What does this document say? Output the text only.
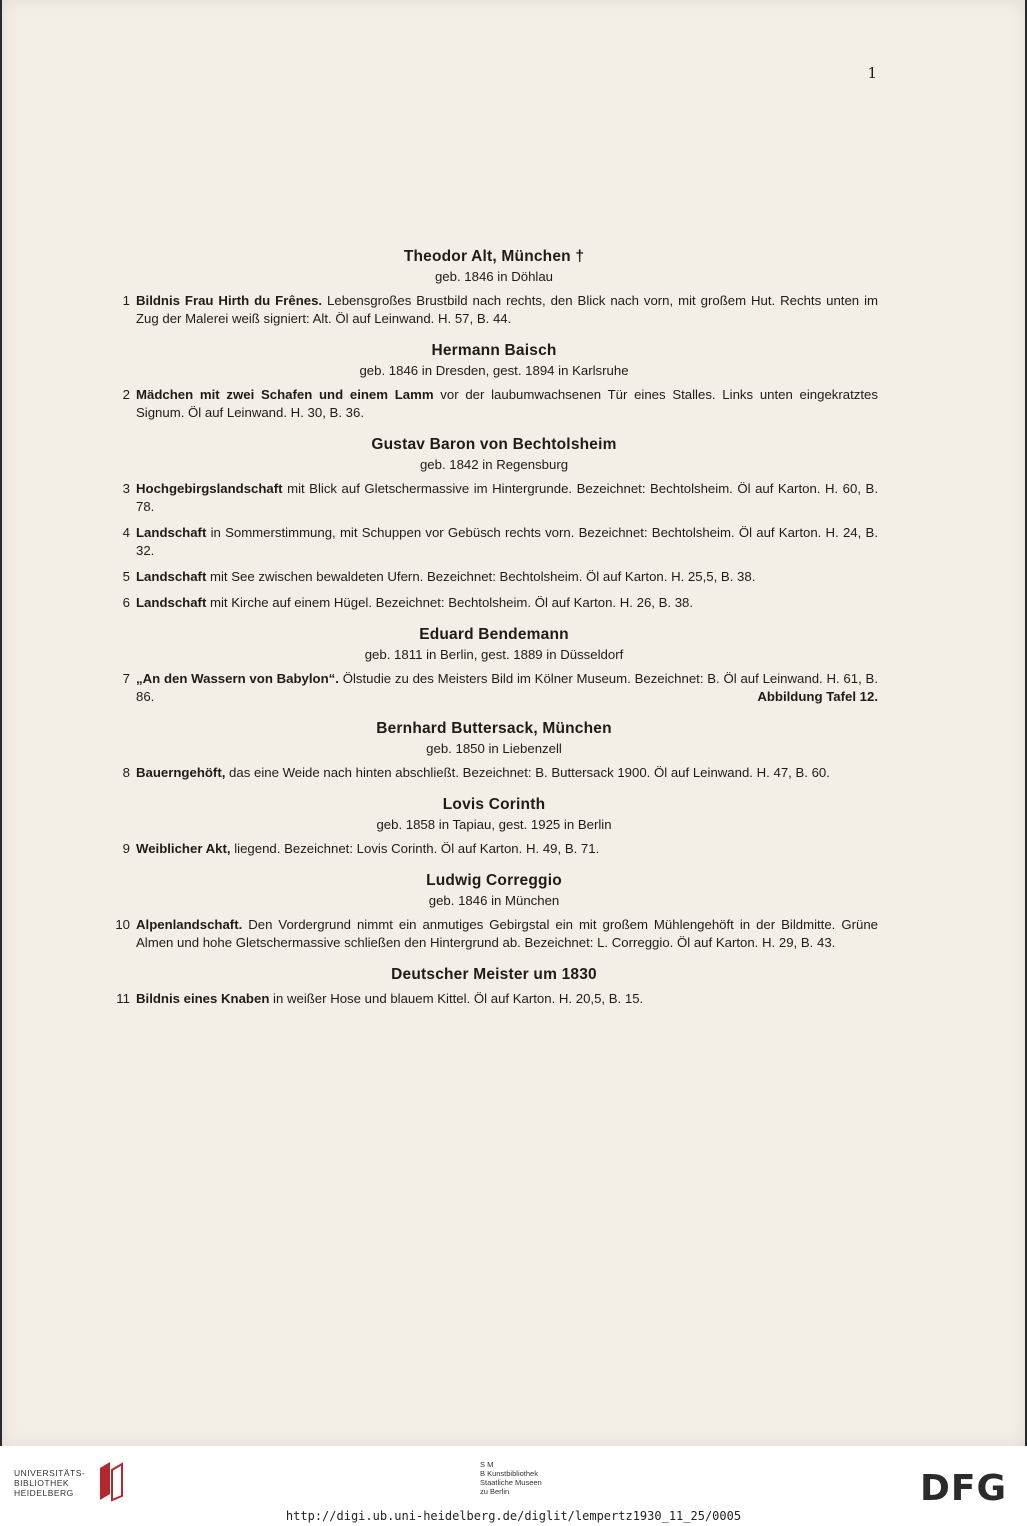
1
Theodor Alt, München †
geb. 1846 in Döhlau
1 Bildnis Frau Hirth du Frênes. Lebensgroßes Brustbild nach rechts, den Blick nach vorn, mit großem Hut. Rechts unten im Zug der Malerei weiß signiert: Alt. Öl auf Leinwand. H. 57, B. 44.
Hermann Baisch
geb. 1846 in Dresden, gest. 1894 in Karlsruhe
2 Mädchen mit zwei Schafen und einem Lamm vor der laubumwachsenen Tür eines Stalles. Links unten eingekratztes Signum. Öl auf Leinwand. H. 30, B. 36.
Gustav Baron von Bechtolsheim
geb. 1842 in Regensburg
3 Hochgebirgslandschaft mit Blick auf Gletschermassive im Hintergrunde. Bezeichnet: Bechtolsheim. Öl auf Karton. H. 60, B. 78.
4 Landschaft in Sommerstimmung, mit Schuppen vor Gebüsch rechts vorn. Bezeichnet: Bechtolsheim. Öl auf Karton. H. 24, B. 32.
5 Landschaft mit See zwischen bewaldeten Ufern. Bezeichnet: Bechtolsheim. Öl auf Karton. H. 25,5, B. 38.
6 Landschaft mit Kirche auf einem Hügel. Bezeichnet: Bechtolsheim. Öl auf Karton. H. 26, B. 38.
Eduard Bendemann
geb. 1811 in Berlin, gest. 1889 in Düsseldorf
7 „An den Wassern von Babylon“. Ölstudie zu des Meisters Bild im Kölner Museum. Bezeichnet: B. Öl auf Leinwand. H. 61, B. 86.	Abbildung Tafel 12.
Bernhard Buttersack, München
geb. 1850 in Liebenzell
8 Bauerngehöft, das eine Weide nach hinten abschließt. Bezeichnet: B. Buttersack 1900. Öl auf Leinwand. H. 47, B. 60.
Lovis Corinth
geb. 1858 in Tapiau, gest. 1925 in Berlin
9 Weiblicher Akt, liegend. Bezeichnet: Lovis Corinth. Öl auf Karton. H. 49, B. 71.
Ludwig Correggio
geb. 1846 in München
10 Alpenlandschaft. Den Vordergrund nimmt ein anmutiges Gebirgstal ein mit großem Mühlengehöft in der Bildmitte. Grüne Almen und hohe Gletschermassive schließen den Hintergrund ab. Bezeichnet: L. Correggio. Öl auf Karton. H. 29, B. 43.
Deutscher Meister um 1830
11 Bildnis eines Knaben in weißer Hose und blauem Kittel. Öl auf Karton. H. 20,5, B. 15.
UNIVERSITÄTS-
BIBLIOTHEK
HEIDELBERG
S M
B Kunstbibliothek
Staatliche Museen
zu Berlin	DFG
http://digi.ub.uni-heidelberg.de/diglit/lempertz1930_11_25/0005
